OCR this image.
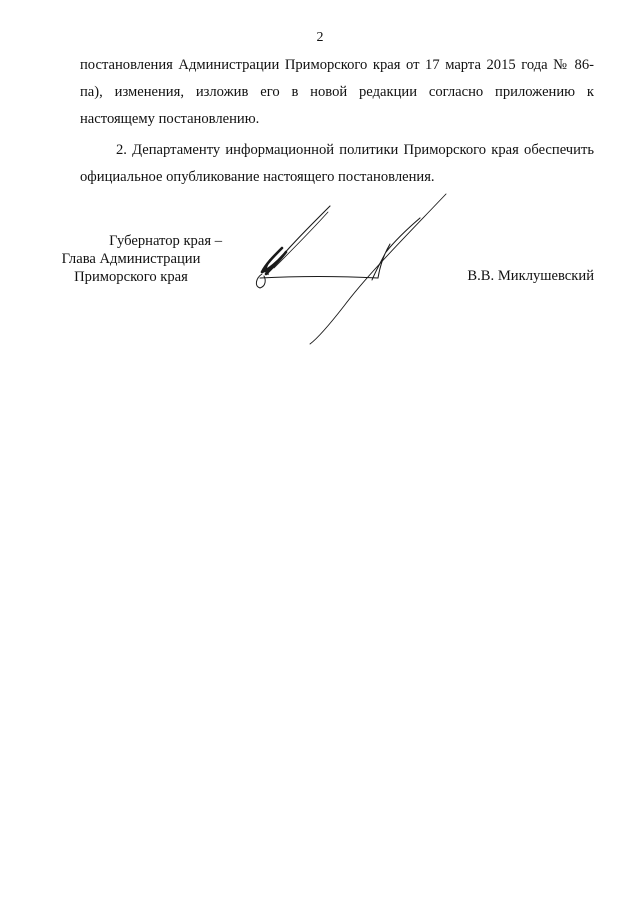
2

постановления Администрации Приморского края от 17 марта 2015 года № 86-па), изменения, изложив его в новой редакции согласно приложению к настоящему постановлению.

2. Департаменту информационной политики Приморского края обеспечить официальное опубликование настоящего постановления.

Губернатор края –
Глава Администрации
Приморского края	В.В. Миклушевский
